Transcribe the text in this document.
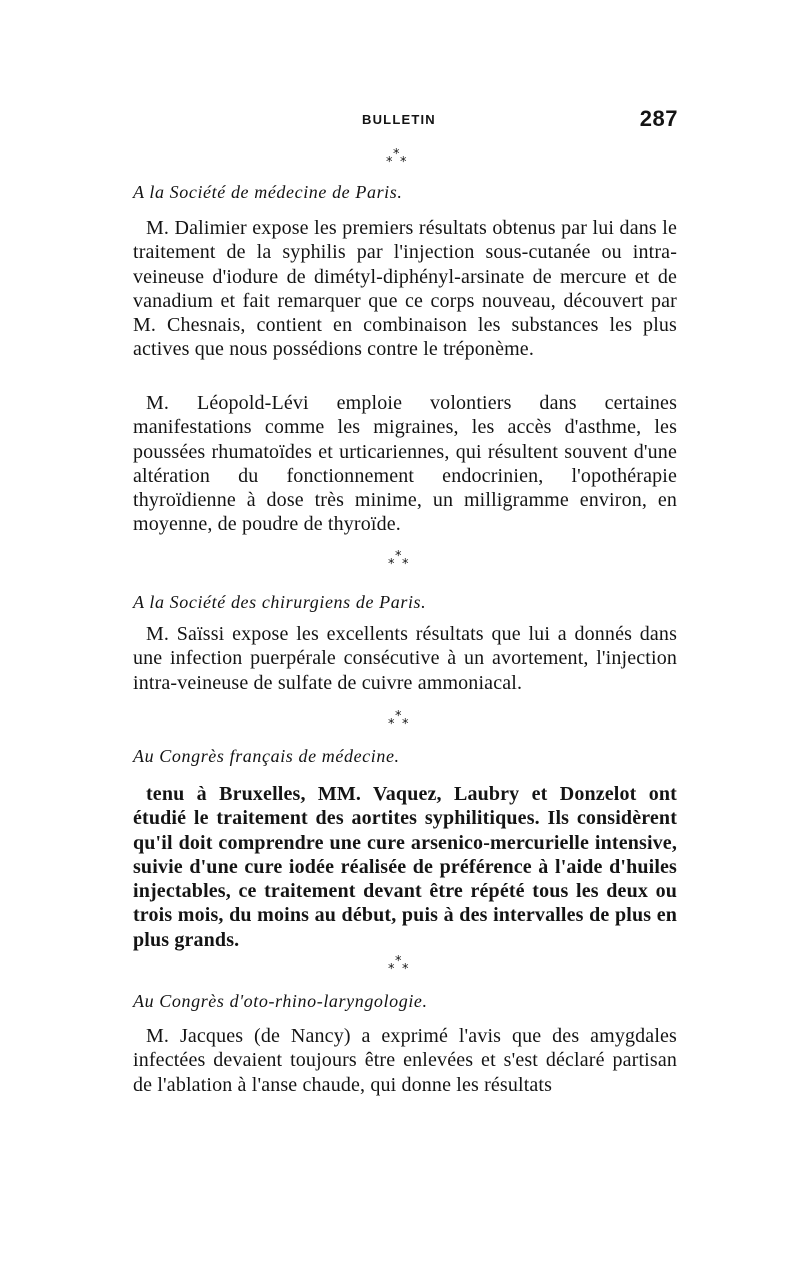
BULLETIN	287
*
* *
A la Société de médecine de Paris.

M. Dalimier expose les premiers résultats obtenus par lui dans le traitement de la syphilis par l'injection sous-cutanée ou intra-veineuse d'iodure de dimétyl-diphényl-arsinate de mercure et de vanadium et fait remarquer que ce corps nouveau, découvert par M. Chesnais, contient en combinaison les substances les plus actives que nous possédions contre le tréponème.

M. Léopold-Lévi emploie volontiers dans certaines manifestations comme les migraines, les accès d'asthme, les poussées rhumatoïdes et urticariennes, qui résultent souvent d'une altération du fonctionnement endocrinien, l'opothérapie thyroïdienne à dose très minime, un milligramme environ, en moyenne, de poudre de thyroïde.

*
* *
A la Société des chirurgiens de Paris.

M. Saïssi expose les excellents résultats que lui a donnés dans une infection puerpérale consécutive à un avortement, l'injection intra-veineuse de sulfate de cuivre ammoniacal.

*
* *
Au Congrès français de médecine.

tenu à Bruxelles, MM. Vaquez, Laubry et Donzelot ont étudié le traitement des aortites syphilitiques. Ils considèrent qu'il doit comprendre une cure arsenico-mercurielle intensive, suivie d'une cure iodée réalisée de préférence à l'aide d'huiles injectables, ce traitement devant être répété tous les deux ou trois mois, du moins au début, puis à des intervalles de plus en plus grands.

*
* *
Au Congrès d'oto-rhino-laryngologie.

M. Jacques (de Nancy) a exprimé l'avis que des amygdales infectées devaient toujours être enlevées et s'est déclaré partisan de l'ablation à l'anse chaude, qui donne les résultats
